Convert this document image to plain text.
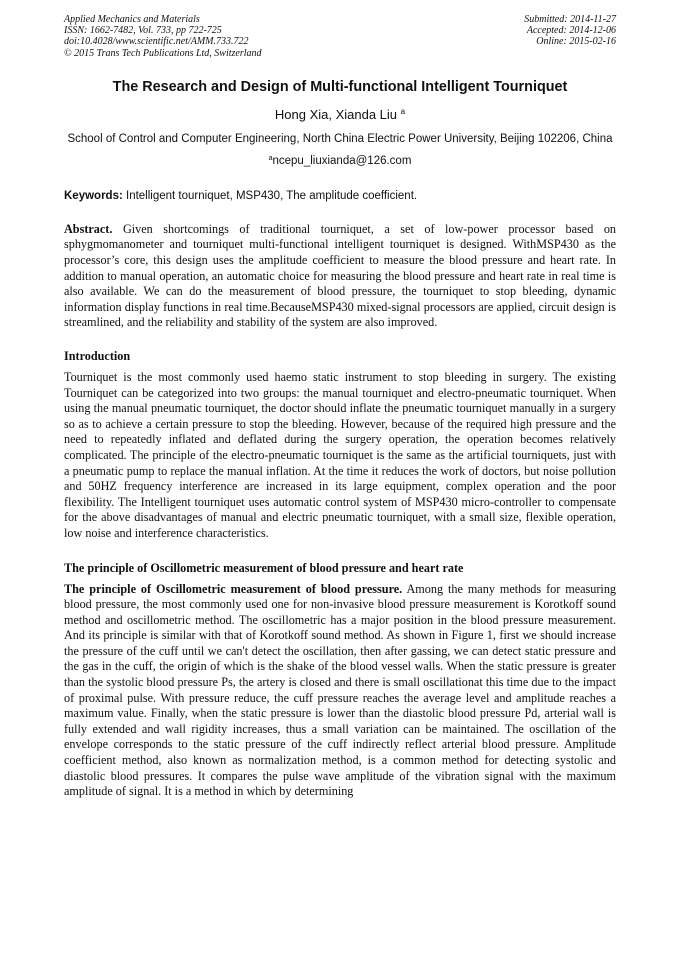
Applied Mechanics and Materials
ISSN: 1662-7482, Vol. 733, pp 722-725
doi:10.4028/www.scientific.net/AMM.733.722
© 2015 Trans Tech Publications Ltd, Switzerland
Submitted: 2014-11-27
Accepted: 2014-12-06
Online: 2015-02-16
The Research and Design of Multi-functional Intelligent Tourniquet
Hong Xia, Xianda Liu $^a$
School of Control and Computer Engineering, North China Electric Power University, Beijing 102206, China
$^a$ncepu_liuxianda@126.com
Keywords: Intelligent tourniquet, MSP430, The amplitude coefficient.
Abstract. Given shortcomings of traditional tourniquet, a set of low-power processor based on sphygmomanometer and tourniquet multi-functional intelligent tourniquet is designed. WithMSP430 as the processor’s core, this design uses the amplitude coefficient to measure the blood pressure and heart rate. In addition to manual operation, an automatic choice for measuring the blood pressure and heart rate in real time is also available. We can do the measurement of blood pressure, the tourniquet to stop bleeding, dynamic information display functions in real time.BecauseMSP430 mixed-signal processors are applied, circuit design is streamlined, and the reliability and stability of the system are also improved.
Introduction
Tourniquet is the most commonly used haemo static instrument to stop bleeding in surgery. The existing Tourniquet can be categorized into two groups: the manual tourniquet and electro-pneumatic tourniquet. When using the manual pneumatic tourniquet, the doctor should inflate the pneumatic tourniquet manually in a surgery so as to achieve a certain pressure to stop the bleeding. However, because of the required high pressure and the need to repeatedly inflated and deflated during the surgery operation, the operation becomes relatively complicated. The principle of the electro-pneumatic tourniquet is the same as the artificial tourniquets, just with a pneumatic pump to replace the manual inflation. At the time it reduces the work of doctors, but noise pollution and 50HZ frequency interference are increased in its large equipment, complex operation and the poor flexibility. The Intelligent tourniquet uses automatic control system of MSP430 micro-controller to compensate for the above disadvantages of manual and electric pneumatic tourniquet, with a small size, flexible operation, low noise and interference characteristics.
The principle of Oscillometric measurement of blood pressure and heart rate
The principle of Oscillometric measurement of blood pressure. Among the many methods for measuring blood pressure, the most commonly used one for non-invasive blood pressure measurement is Korotkoff sound method and oscillometric method. The oscillometric has a major position in the blood pressure measurement. And its principle is similar with that of Korotkoff sound method. As shown in Figure 1, first we should increase the pressure of the cuff until we can't detect the oscillation, then after gassing, we can detect static pressure and the gas in the cuff, the origin of which is the shake of the blood vessel walls. When the static pressure is greater than the systolic blood pressure Ps, the artery is closed and there is small oscillationat this time due to the impact of proximal pulse. With pressure reduce, the cuff pressure reaches the average level and amplitude reaches a maximum value. Finally, when the static pressure is lower than the diastolic blood pressure Pd, arterial wall is fully extended and wall rigidity increases, thus a small variation can be maintained. The oscillation of the envelope corresponds to the static pressure of the cuff indirectly reflect arterial blood pressure. Amplitude coefficient method, also known as normalization method, is a common method for detecting systolic and diastolic blood pressures. It compares the pulse wave amplitude of the vibration signal with the maximum amplitude of signal. It is a method in which by determining
